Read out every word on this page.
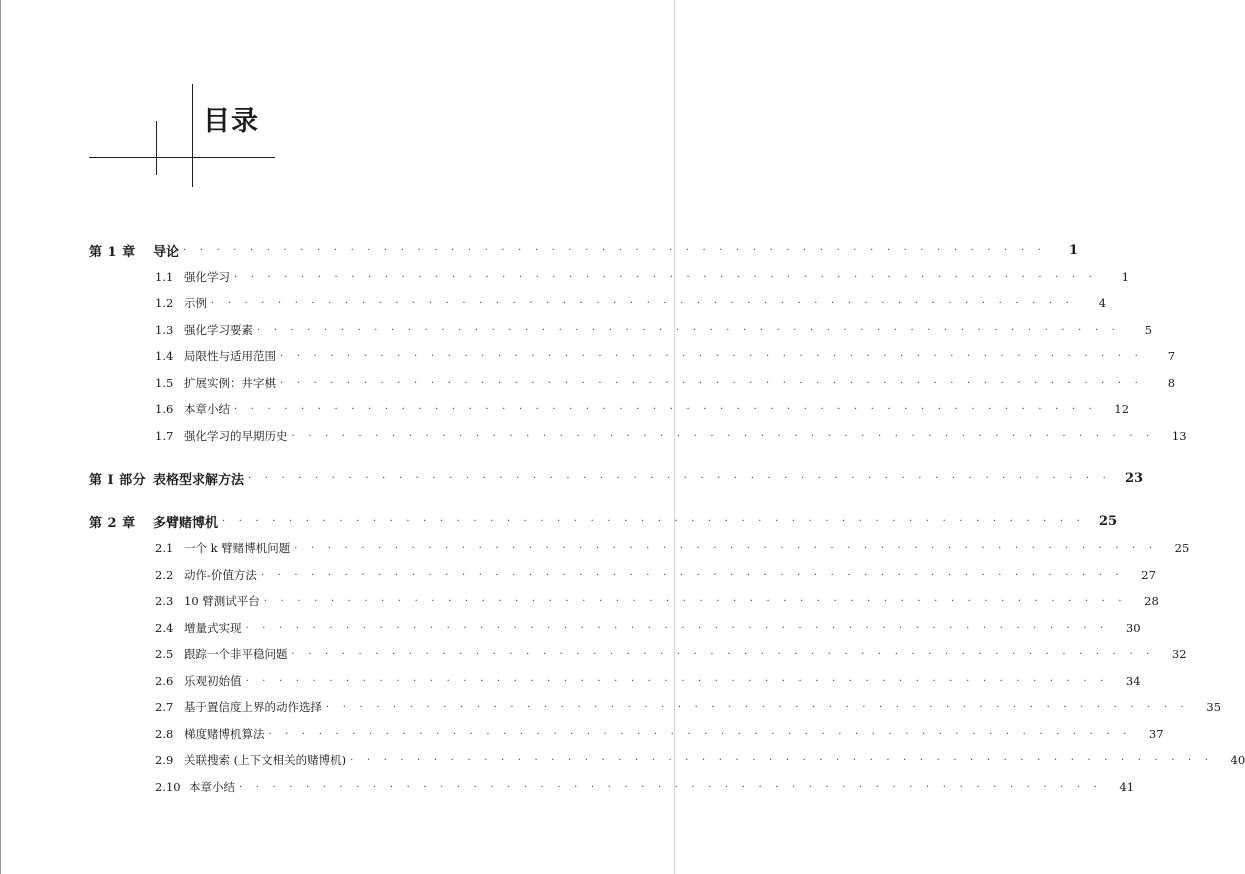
目录
第 1 章	导论 · · · · · · · · · · · · · · · · · · · · · · · · · · · · · · · · · · · · · · · · · · · · · · · · · · · ·	1
1.1 强化学习 · · · · · · · · · · · · · · · · · · · · · · · · · · · · · · · · · · · · · · · · · · · · · · · · · · · ·	1
1.2 示例 · · · · · · · · · · · · · · · · · · · · · · · · · · · · · · · · · · · · · · · · · · · · · · · · · · · ·	4
1.3 强化学习要素 · · · · · · · · · · · · · · · · · · · · · · · · · · · · · · · · · · · · · · · · · · · · · · · · · · · ·	5
1.4 局限性与适用范围 · · · · · · · · · · · · · · · · · · · · · · · · · · · · · · · · · · · · · · · · · · · · · · · · · · · ·	7
1.5 扩展实例：井字棋 · · · · · · · · · · · · · · · · · · · · · · · · · · · · · · · · · · · · · · · · · · · · · · · · · · · ·	8
1.6 本章小结 · · · · · · · · · · · · · · · · · · · · · · · · · · · · · · · · · · · · · · · · · · · · · · · · · · · ·	12
1.7 强化学习的早期历史 · · · · · · · · · · · · · · · · · · · · · · · · · · · · · · · · · · · · · · · · · · · · · · · · · · · ·	13
第 I 部分 表格型求解方法 · · · · · · · · · · · · · · · · · · · · · · · · · · · · · · · · · · · · · · · · · · · · · · · · · · · ·	23
第 2 章	多臂赌博机 · · · · · · · · · · · · · · · · · · · · · · · · · · · · · · · · · · · · · · · · · · · · · · · · · · · ·	25
2.1 一个 k 臂赌博机问题 · · · · · · · · · · · · · · · · · · · · · · · · · · · · · · · · · · · · · · · · · · · · · · · · · · · ·	25
2.2 动作-价值方法 · · · · · · · · · · · · · · · · · · · · · · · · · · · · · · · · · · · · · · · · · · · · · · · · · · · ·	27
2.3 10 臂测试平台 · · · · · · · · · · · · · · · · · · · · · · · · · · · · · · · · · · · · · · · · · · · · · · · · · · · ·	28
2.4 增量式实现 · · · · · · · · · · · · · · · · · · · · · · · · · · · · · · · · · · · · · · · · · · · · · · · · · · · ·	30
2.5 跟踪一个非平稳问题 · · · · · · · · · · · · · · · · · · · · · · · · · · · · · · · · · · · · · · · · · · · · · · · · · · · ·	32
2.6 乐观初始值 · · · · · · · · · · · · · · · · · · · · · · · · · · · · · · · · · · · · · · · · · · · · · · · · · · · ·	34
2.7 基于置信度上界的动作选择 · · · · · · · · · · · · · · · · · · · · · · · · · · · · · · · · · · · · · · · · · · · · · · · · · · · ·	35
2.8 梯度赌博机算法 · · · · · · · · · · · · · · · · · · · · · · · · · · · · · · · · · · · · · · · · · · · · · · · · · · · ·	37
2.9 关联搜索 (上下文相关的赌博机) · · · · · · · · · · · · · · · · · · · · · · · · · · · · · · · · · · · · · · · · · · · · · · · · · · · ·	40
2.10 本章小结 · · · · · · · · · · · · · · · · · · · · · · · · · · · · · · · · · · · · · · · · · · · · · · · · · · · ·	41
